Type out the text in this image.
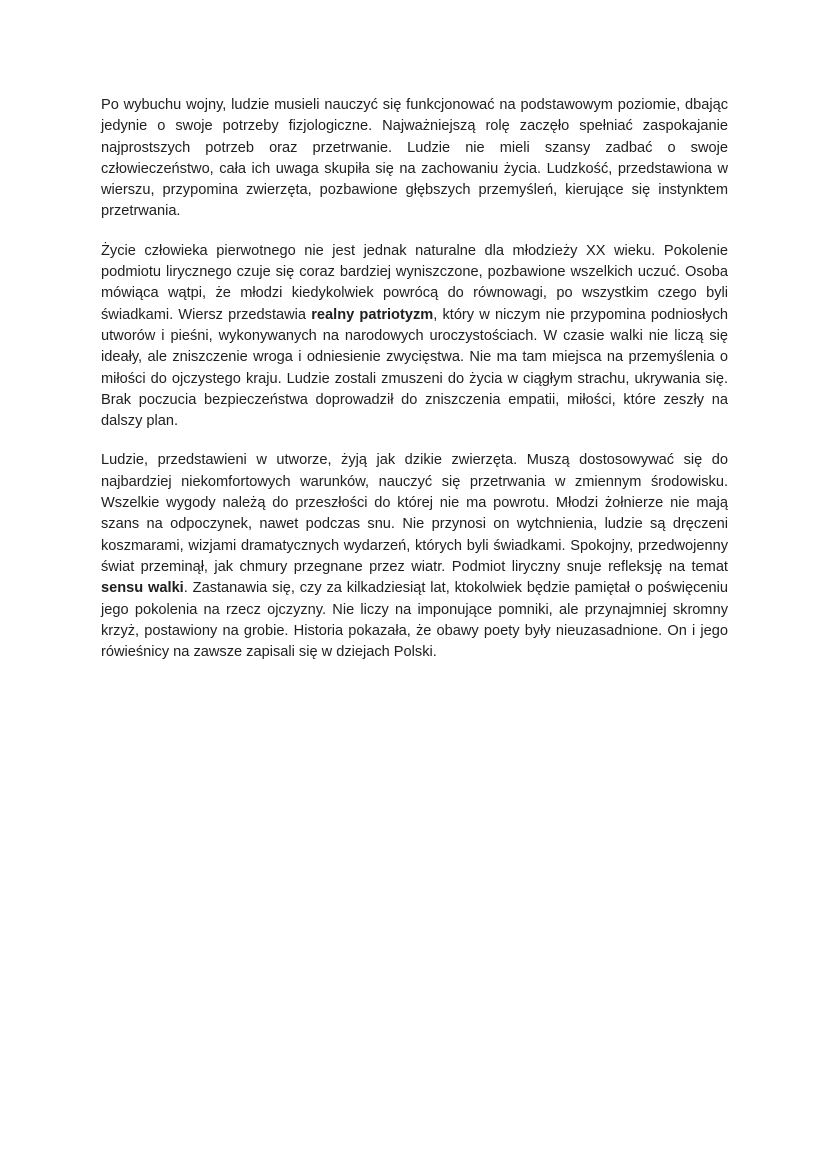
Po wybuchu wojny, ludzie musieli nauczyć się funkcjonować na podstawowym poziomie, dbając jedynie o swoje potrzeby fizjologiczne. Najważniejszą rolę zaczęło spełniać zaspokajanie najprostszych potrzeb oraz przetrwanie. Ludzie nie mieli szansy zadbać o swoje człowieczeństwo, cała ich uwaga skupiła się na zachowaniu życia. Ludzkość, przedstawiona w wierszu, przypomina zwierzęta, pozbawione głębszych przemyśleń, kierujące się instynktem przetrwania.

Życie człowieka pierwotnego nie jest jednak naturalne dla młodzieży XX wieku. Pokolenie podmiotu lirycznego czuje się coraz bardziej wyniszczone, pozbawione wszelkich uczuć. Osoba mówiąca wątpi, że młodzi kiedykolwiek powrócą do równowagi, po wszystkim czego byli świadkami. Wiersz przedstawia realny patriotyzm, który w niczym nie przypomina podniosłych utworów i pieśni, wykonywanych na narodowych uroczystościach. W czasie walki nie liczą się ideały, ale zniszczenie wroga i odniesienie zwycięstwa. Nie ma tam miejsca na przemyślenia o miłości do ojczystego kraju. Ludzie zostali zmuszeni do życia w ciągłym strachu, ukrywania się. Brak poczucia bezpieczeństwa doprowadził do zniszczenia empatii, miłości, które zeszły na dalszy plan.

Ludzie, przedstawieni w utworze, żyją jak dzikie zwierzęta. Muszą dostosowywać się do najbardziej niekomfortowych warunków, nauczyć się przetrwania w zmiennym środowisku. Wszelkie wygody należą do przeszłości do której nie ma powrotu. Młodzi żołnierze nie mają szans na odpoczynek, nawet podczas snu. Nie przynosi on wytchnienia, ludzie są dręczeni koszmarami, wizjami dramatycznych wydarzeń, których byli świadkami. Spokojny, przedwojenny świat przeminął, jak chmury przegnane przez wiatr. Podmiot liryczny snuje refleksję na temat sensu walki. Zastanawia się, czy za kilkadziesiąt lat, ktokolwiek będzie pamiętał o poświęceniu jego pokolenia na rzecz ojczyzny. Nie liczy na imponujące pomniki, ale przynajmniej skromny krzyż, postawiony na grobie. Historia pokazała, że obawy poety były nieuzasadnione. On i jego rówieśnicy na zawsze zapisali się w dziejach Polski.
